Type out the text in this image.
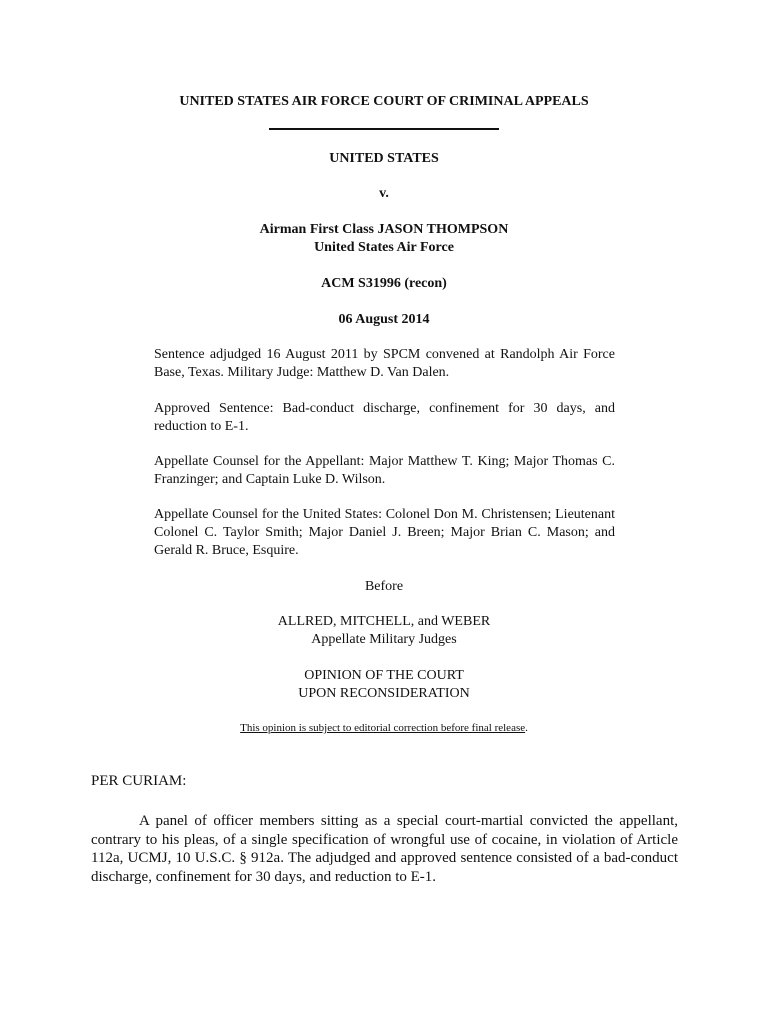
UNITED STATES AIR FORCE COURT OF CRIMINAL APPEALS
UNITED STATES
v.
Airman First Class JASON THOMPSON
United States Air Force
ACM S31996 (recon)
06 August 2014
Sentence adjudged 16 August 2011 by SPCM convened at Randolph Air Force Base, Texas. Military Judge: Matthew D. Van Dalen.
Approved Sentence: Bad-conduct discharge, confinement for 30 days, and reduction to E-1.
Appellate Counsel for the Appellant: Major Matthew T. King; Major Thomas C. Franzinger; and Captain Luke D. Wilson.
Appellate Counsel for the United States: Colonel Don M. Christensen; Lieutenant Colonel C. Taylor Smith; Major Daniel J. Breen; Major Brian C. Mason; and Gerald R. Bruce, Esquire.
Before
ALLRED, MITCHELL, and WEBER
Appellate Military Judges
OPINION OF THE COURT
UPON RECONSIDERATION
This opinion is subject to editorial correction before final release.
PER CURIAM:
A panel of officer members sitting as a special court-martial convicted the appellant, contrary to his pleas, of a single specification of wrongful use of cocaine, in violation of Article 112a, UCMJ, 10 U.S.C. § 912a. The adjudged and approved sentence consisted of a bad-conduct discharge, confinement for 30 days, and reduction to E-1.
